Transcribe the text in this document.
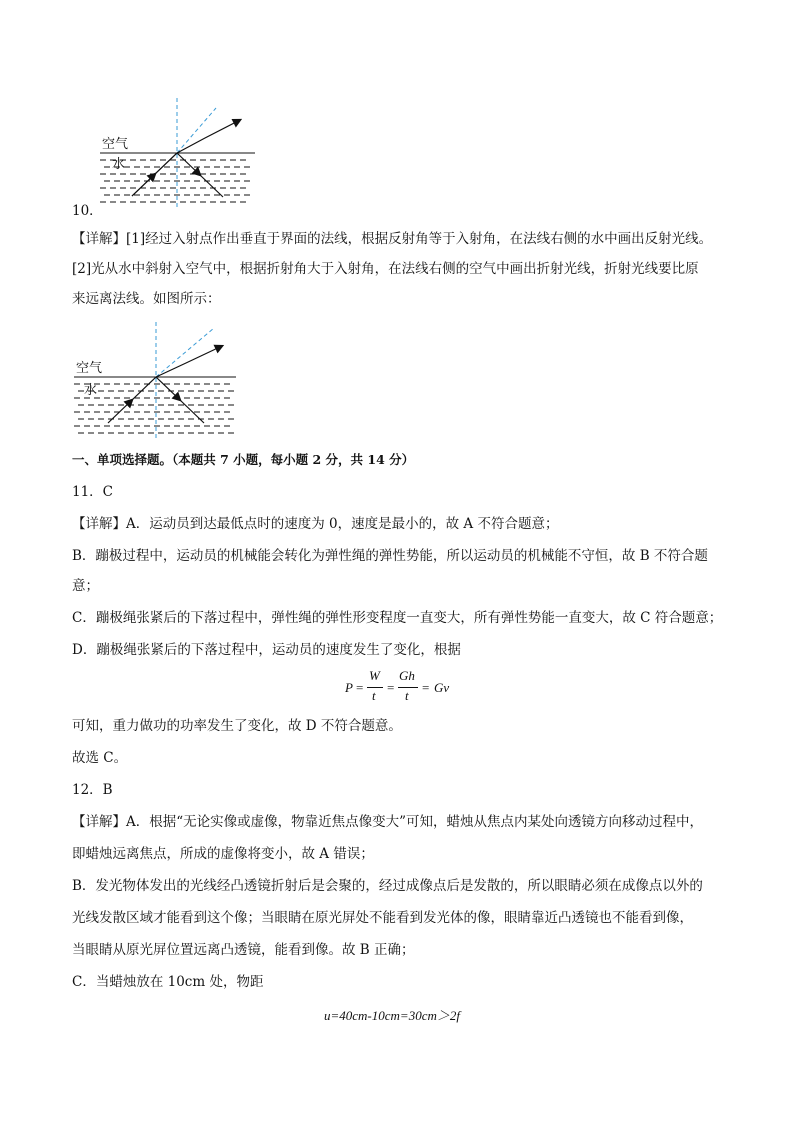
空气
水
10．
【详解】[1]经过入射点作出垂直于界面的法线，根据反射角等于入射角，在法线右侧的水中画出反射光线。
[2]光从水中斜射入空气中，根据折射角大于入射角，在法线右侧的空气中画出折射光线，折射光线要比原
来远离法线。如图所示：
空气
水
一、单项选择题。（本题共 7 小题，每小题 2 分，共 14 分）
11．C
【详解】A．运动员到达最低点时的速度为 0，速度是最小的，故 A 不符合题意；
B．蹦极过程中，运动员的机械能会转化为弹性绳的弹性势能，所以运动员的机械能不守恒，故 B 不符合题
意；
C．蹦极绳张紧后的下落过程中，弹性绳的弹性形变程度一直变大，所有弹性势能一直变大，故 C 符合题意；
D．蹦极绳张紧后的下落过程中，运动员的速度发生了变化，根据
P =
W
t
=
Gh
t
= Gv
可知，重力做功的功率发生了变化，故 D 不符合题意。
故选 C。
12．B
【详解】A．根据“无论实像或虚像，物靠近焦点像变大”可知，蜡烛从焦点内某处向透镜方向移动过程中，
即蜡烛远离焦点，所成的虚像将变小，故 A 错误；
B．发光物体发出的光线经凸透镜折射后是会聚的，经过成像点后是发散的，所以眼睛必须在成像点以外的
光线发散区域才能看到这个像；当眼睛在原光屏处不能看到发光体的像，眼睛靠近凸透镜也不能看到像，
当眼睛从原光屏位置远离凸透镜，能看到像。故 B 正确；
C．当蜡烛放在 10cm 处，物距
u=40cm-10cm=30cm＞2f
